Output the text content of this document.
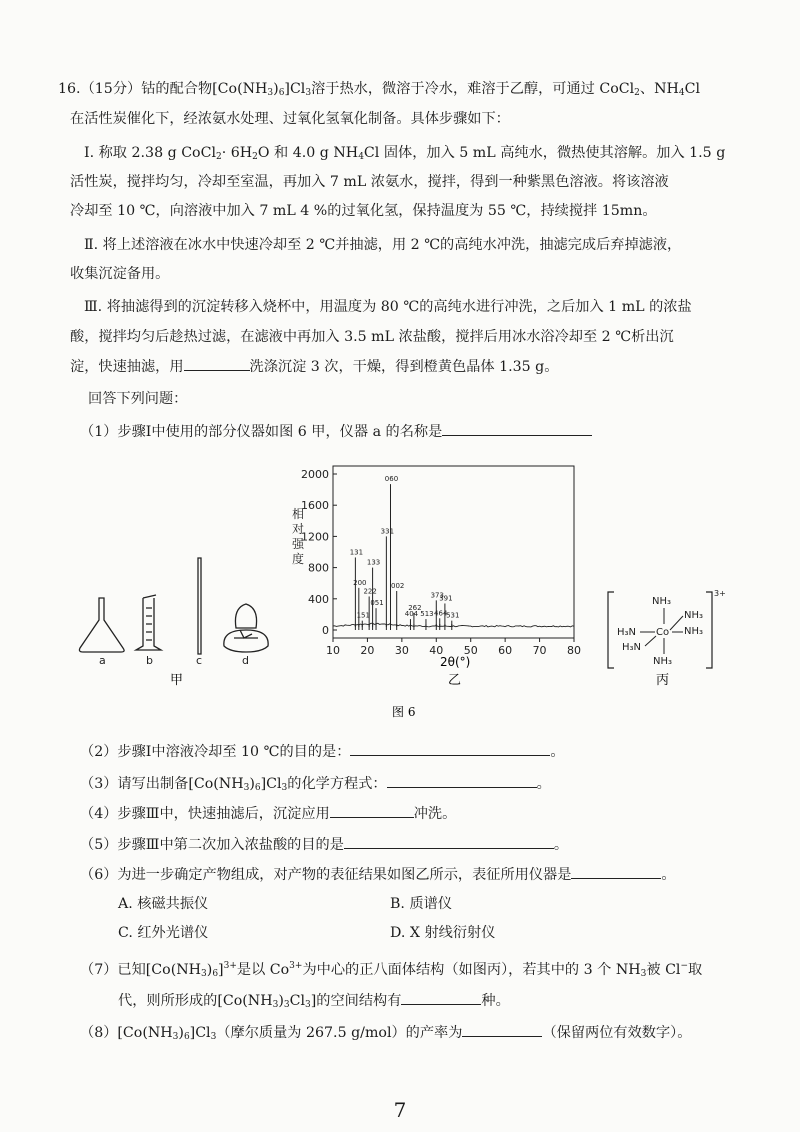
16.（15分）钴的配合物$[Co(NH_3)_6]Cl_3$溶于热水，微溶于冷水，难溶于乙醇，可通过 CoCl$_2$、$NH_4Cl$
在活性炭催化下，经浓氨水处理、过氧化氢氧化制备。具体步骤如下：
Ⅰ. 称取 2.38 g CoCl$_2$· $6H_2O$ 和 4.0 g $NH_4Cl$ 固体，加入 5 mL 高纯水，微热使其溶解。加入 1.5 g
活性炭，搅拌均匀，冷却至室温，再加入 7 mL 浓氨水，搅拌，得到一种紫黑色溶液。将该溶液
冷却至 10 ℃，向溶液中加入 7 mL 4 %的过氧化氢，保持温度为 55 ℃，持续搅拌 15mn。
Ⅱ. 将上述溶液在冰水中快速冷却至 2 ℃并抽滤，用 2 ℃的高纯水冲洗，抽滤完成后弃掉滤液，
收集沉淀备用。
Ⅲ. 将抽滤得到的沉淀转移入烧杯中，用温度为 80 ℃的高纯水进行冲洗，之后加入 1 mL 的浓盐
酸，搅拌均匀后趁热过滤，在滤液中再加入 3.5 mL 浓盐酸，搅拌后用冰水浴冷却至 2 ℃析出沉
淀，快速抽滤，用	洗涤沉淀 3 次，干燥，得到橙黄色晶体 1.35 g。
回答下列问题：
（1）步骤Ⅰ中使用的部分仪器如图 6 甲，仪器 a 的名称是
a	b	c	d
甲
0
400
800
1200
1600
2000
10 20 30 40 50 60 70 80
131
200
151
222
133
051
331
060
002
262
404 513
373
464
391
531
相对强度
2θ(°)
乙
3+
Co
NH₃
NH₃
NH₃
H₃N
H₃N
NH₃
丙
图 6
（2）步骤Ⅰ中溶液冷却至 10 ℃的目的是：	。
（3）请写出制备$[Co(NH_3)_6]Cl_3$的化学方程式：	。
（4）步骤Ⅲ中，快速抽滤后，沉淀应用	冲洗。
（5）步骤Ⅲ中第二次加入浓盐酸的目的是	。
（6）为进一步确定产物组成，对产物的表征结果如图乙所示，表征所用仪器是	。
A. 核磁共振仪	B. 质谱仪
C. 红外光谱仪	D. X 射线衍射仪
（7）已知$[Co(NH_3)_6]^{3+}$是以 $Co^{3+}$为中心的正八面体结构（如图丙），若其中的 3 个 $NH_3$被 Cl−取
代，则所形成的$[Co(NH_3)_3Cl_3]$的空间结构有	种。
$(8)[Co(NH_3)_6]Cl_3$（摩尔质量为 267.5 g/mol）的产率为	（保留两位有效数字）。
7
